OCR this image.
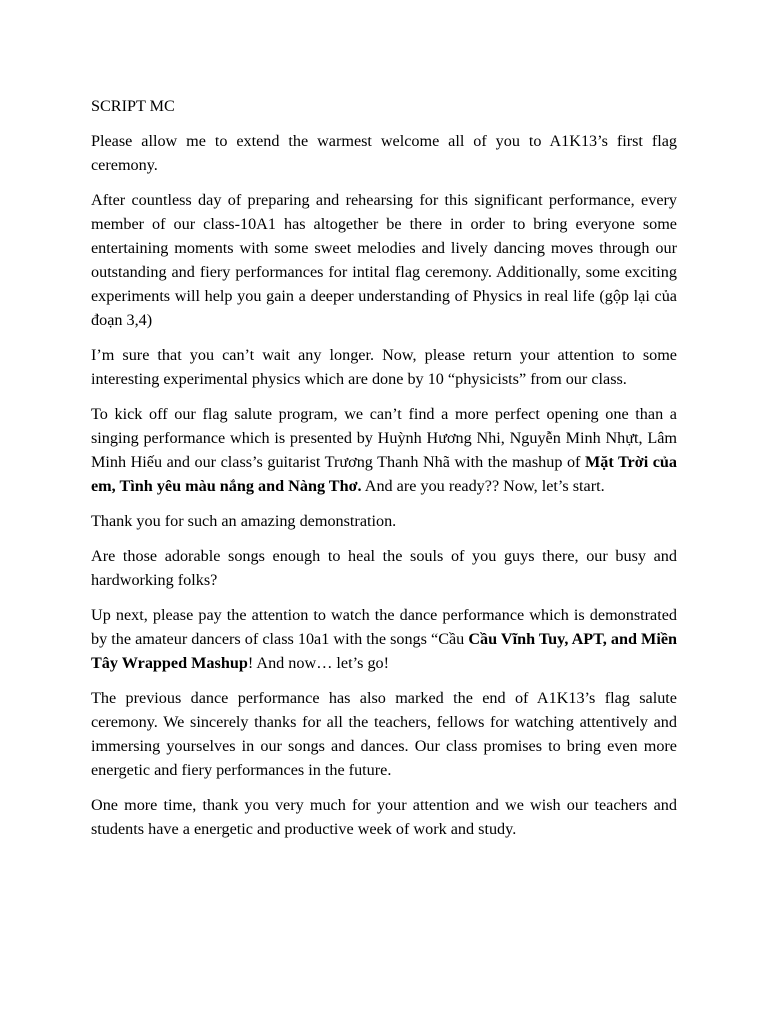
SCRIPT MC

Please allow me to extend the warmest welcome all of you to A1K13’s first flag ceremony.

After countless day of preparing and rehearsing for this significant performance, every member of our class-10A1 has altogether be there in order to bring everyone some entertaining moments with some sweet melodies and lively dancing moves through our outstanding and fiery performances for intital flag ceremony. Additionally, some exciting experiments will help you gain a deeper understanding of Physics in real life (gộp lại của đoạn 3,4)

I’m sure that you can’t wait any longer. Now, please return your attention to some interesting experimental physics which are done by 10 “physicists” from our class.

To kick off our flag salute program, we can’t find a more perfect opening one than a singing performance which is presented by Huỳnh Hương Nhi, Nguyễn Minh Nhựt, Lâm Minh Hiếu and our class’s guitarist Trương Thanh Nhã with the mashup of Mặt Trời của em, Tình yêu màu nắng and Nàng Thơ. And are you ready?? Now, let’s start.

Thank you for such an amazing demonstration.

Are those adorable songs enough to heal the souls of you guys there, our busy and hardworking folks?

Up next, please pay the attention to watch the dance performance which is demonstrated by the amateur dancers of class 10a1 with the songs “Cầu Cầu Vĩnh Tuy, APT, and Miền Tây Wrapped Mashup! And now… let’s go!

The previous dance performance has also marked the end of A1K13’s flag salute ceremony. We sincerely thanks for all the teachers, fellows for watching attentively and immersing yourselves in our songs and dances. Our class promises to bring even more energetic and fiery performances in the future.

One more time, thank you very much for your attention and we wish our teachers and students have a energetic and productive week of work and study.
